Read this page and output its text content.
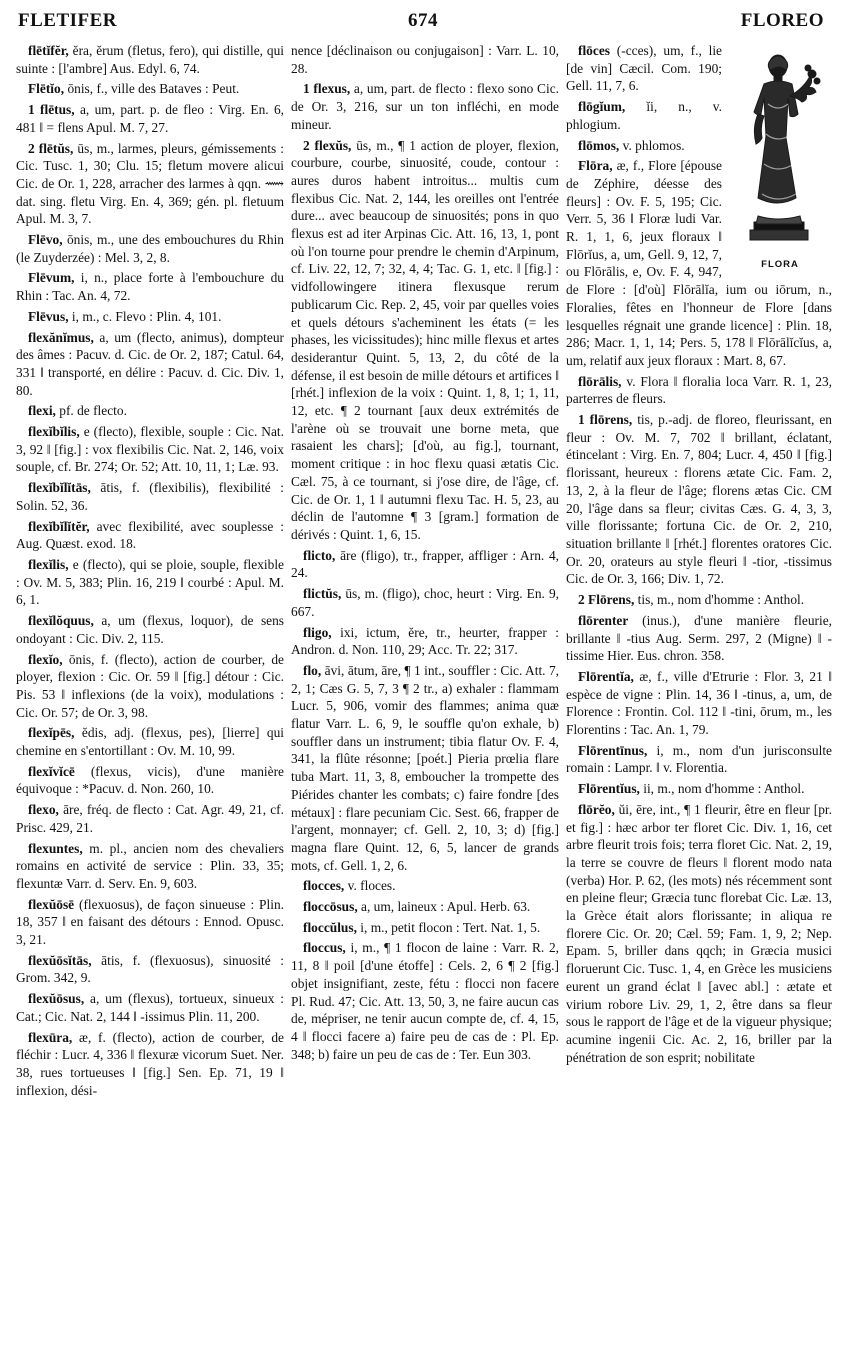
FLETIFER	674	FLOREO

flētĭfĕr, ĕra, ĕrum (fletus, fero), qui distille, qui suinte : [l'ambre] Aus. Edyl. 6, 74.

Flētĭo, ōnis, f., ville des Bataves : Peut.

1 flētus, a, um, part. p. de fleo : Virg. En. 6, 481 ‖ = flens Apul. M. 7, 27.

2 flētŭs, ūs, m., larmes, pleurs, gémissements : Cic. Tusc. 1, 30; Clu. 15; fletum movere alicui Cic. de Or. 1, 228, arracher des larmes à qqn. ⟿ dat. sing. fletu Virg. En. 4, 369; gén. pl. fletuum Apul. M. 3, 7.

Flēvo, ōnis, m., une des embouchures du Rhin (le Zuyderzée) : Mel. 3, 2, 8.

Flēvum, i, n., place forte à l'embouchure du Rhin : Tac. An. 4, 72.

Flēvus, i, m., c. Flevo : Plin. 4, 101.

flexănĭmus, a, um (flecto, animus), dompteur des âmes : Pacuv. d. Cic. de Or. 2, 187; Catul. 64, 331 ‖ transporté, en délire : Pacuv. d. Cic. Div. 1, 80.

flexi, pf. de flecto.

flexĭbĭlis, e (flecto), flexible, souple : Cic. Nat. 3, 92 ‖ [fig.] : vox flexibilis Cic. Nat. 2, 146, voix souple, cf. Br. 274; Or. 52; Att. 10, 11, 1; Læ. 93.

flexĭbĭlĭtās, ātis, f. (flexibilis), flexibilité : Solin. 52, 36.

flexĭbĭlĭtĕr, avec flexibilité, avec souplesse : Aug. Quæst. exod. 18.

flexĭlis, e (flecto), qui se ploie, souple, flexible : Ov. M. 5, 383; Plin. 16, 219 ‖ courbé : Apul. M. 6, 1.

flexĭlŏquus, a, um (flexus, loquor), de sens ondoyant : Cic. Div. 2, 115.

flexĭo, ōnis, f. (flecto), action de courber, de ployer, flexion : Cic. Or. 59 ‖ [fig.] détour : Cic. Pis. 53 ‖ inflexions (de la voix), modulations : Cic. Or. 57; de Or. 3, 98.

flexĭpēs, ĕdis, adj. (flexus, pes), [lierre] qui chemine en s'entortillant : Ov. M. 10, 99.

flexĭvĭcē (flexus, vicis), d'une manière équivoque : *Pacuv. d. Non. 260, 10.

flexo, āre, fréq. de flecto : Cat. Agr. 49, 21, cf. Prisc. 429, 21.

flexuntes, m. pl., ancien nom des chevaliers romains en activité de service : Plin. 33, 35; flexuntæ Varr. d. Serv. En. 9, 603.

flexŭōsē (flexuosus), de façon sinueuse : Plin. 18, 357 ‖ en faisant des détours : Ennod. Opusc. 3, 21.

flexŭōsĭtās, ātis, f. (flexuosus), sinuosité : Grom. 342, 9.

flexŭōsus, a, um (flexus), tortueux, sinueux : Cat.; Cic. Nat. 2, 144 ‖ -issimus Plin. 11, 200.

flexūra, æ, f. (flecto), action de courber, de fléchir : Lucr. 4, 336 ‖ flexuræ vicorum Suet. Ner. 38, rues tortueuses ‖ [fig.] Sen. Ep. 71, 19 ‖ inflexion, dési-

nence [déclinaison ou conjugaison] : Varr. L. 10, 28.

1 flexus, a, um, part. de flecto : flexo sono Cic. de Or. 3, 216, sur un ton infléchi, en mode mineur.

2 flexŭs, ūs, m., ¶ 1 action de ployer, flexion, courbure, courbe, sinuosité, coude, contour : aures duros habent introitus... multis cum flexibus Cic. Nat. 2, 144, les oreilles ont l'entrée dure... avec beaucoup de sinuosités; pons in quo flexus est ad iter Arpinas Cic. Att. 16, 13, 1, pont où l'on tourne pour prendre le chemin d'Arpinum, cf. Liv. 22, 12, 7; 32, 4, 4; Tac. G. 1, etc. ‖ [fig.] : vidfollowingere itinera flexusque rerum publicarum Cic. Rep. 2, 45, voir par quelles voies et quels détours s'acheminent les états (= les phases, les vicissitudes); hinc mille flexus et artes desiderantur Quint. 5, 13, 2, du côté de la défense, il est besoin de mille détours et artifices ‖ [rhét.] inflexion de la voix : Quint. 1, 8, 1; 1, 11, 12, etc. ¶ 2 tournant [aux deux extrémités de l'arène où se trouvait une borne meta, que rasaient les chars]; [d'où, au fig.], tournant, moment critique : in hoc flexu quasi ætatis Cic. Cæl. 75, à ce tournant, si j'ose dire, de l'âge, cf. Cic. de Or. 1, 1 ‖ autumni flexu Tac. H. 5, 23, au déclin de l'automne ¶ 3 [gram.] formation de dérivés : Quint. 1, 6, 15.

flicto, āre (fligo), tr., frapper, affliger : Arn. 4, 24.

flictŭs, ūs, m. (fligo), choc, heurt : Virg. En. 9, 667.

fligo, ixi, ictum, ĕre, tr., heurter, frapper : Andron. d. Non. 110, 29; Acc. Tr. 22; 317.

flo, āvi, ātum, āre, ¶ 1 int., souffler : Cic. Att. 7, 2, 1; Cæs G. 5, 7, 3 ¶ 2 tr., a) exhaler : flammam Lucr. 5, 906, vomir des flammes; anima quæ flatur Varr. L. 6, 9, le souffle qu'on exhale, b) souffler dans un instrument; tibia flatur Ov. F. 4, 341, la flûte résonne; [poét.] Pieria prœlia flare tuba Mart. 11, 3, 8, emboucher la trompette des Piérides chanter les combats; c) faire fondre [des métaux] : flare pecuniam Cic. Sest. 66, frapper de l'argent, monnayer; cf. Gell. 2, 10, 3; d) [fig.] magna flare Quint. 12, 6, 5, lancer de grands mots, cf. Gell. 1, 2, 6.

flocces, v. floces.

floccōsus, a, um, laineux : Apul. Herb. 63.

floccŭlus, i, m., petit flocon : Tert. Nat. 1, 5.

floccus, i, m., ¶ 1 flocon de laine : Varr. R. 2, 11, 8 ‖ poil [d'une étoffe] : Cels. 2, 6 ¶ 2 [fig.] objet insignifiant, zeste, fétu : flocci non facere Pl. Rud. 47; Cic. Att. 13, 50, 3, ne faire aucun cas de, mépriser, ne tenir aucun compte de, cf. 4, 15, 4 ‖ flocci facere a) faire peu de cas de : Pl. Ep. 348; b) faire un peu de cas de : Ter. Eun 303.

FLORA

flōces (-cces), um, f., lie [de vin] Cæcil. Com. 190; Gell. 11, 7, 6.

flōgĭum, ĭi, n., v. phlogium.

flōmos, v. phlomos.

Flōra, æ, f., Flore [épouse de Zéphire, déesse des fleurs] : Ov. F. 5, 195; Cic. Verr. 5, 36 ‖ Floræ ludi Var. R. 1, 1, 6, jeux floraux ‖ Flōrĭus, a, um, Gell. 9, 12, 7, ou Flōrālis, e, Ov. F. 4, 947, de Flore : [d'où] Flōrālĭa, ium ou iōrum, n., Floralies, fêtes en l'honneur de Flore [dans lesquelles régnait une grande licence] : Plin. 18, 286; Macr. 1, 1, 14; Pers. 5, 178 ‖ Flōrālĭcĭus, a, um, relatif aux jeux floraux : Mart. 8, 67.

flōrālis, v. Flora ‖ floralia loca Varr. R. 1, 23, parterres de fleurs.

1 flōrens, tis, p.-adj. de floreo, fleurissant, en fleur : Ov. M. 7, 702 ‖ brillant, éclatant, étincelant : Virg. En. 7, 804; Lucr. 4, 450 ‖ [fig.] florissant, heureux : florens ætate Cic. Fam. 2, 13, 2, à la fleur de l'âge; florens ætas Cic. CM 20, l'âge dans sa fleur; civitas Cæs. G. 4, 3, 3, ville florissante; fortuna Cic. de Or. 2, 210, situation brillante ‖ [rhét.] florentes oratores Cic. Or. 20, orateurs au style fleuri ‖ -tior, -tissimus Cic. de Or. 3, 166; Div. 1, 72.

2 Flōrens, tis, m., nom d'homme : Anthol.

flōrenter (inus.), d'une manière fleurie, brillante ‖ -tius Aug. Serm. 297, 2 (Migne) ‖ -tissime Hier. Eus. chron. 358.

Flōrentĭa, æ, f., ville d'Etrurie : Flor. 3, 21 ‖ espèce de vigne : Plin. 14, 36 ‖ -tinus, a, um, de Florence : Frontin. Col. 112 ‖ -tini, ōrum, m., les Florentins : Tac. An. 1, 79.

Flōrentīnus, i, m., nom d'un jurisconsulte romain : Lampr. ‖ v. Florentia.

Flōrentĭus, ii, m., nom d'homme : Anthol.

flōrĕo, ŭi, ēre, int., ¶ 1 fleurir, être en fleur [pr. et fig.] : hæc arbor ter floret Cic. Div. 1, 16, cet arbre fleurit trois fois; terra floret Cic. Nat. 2, 19, la terre se couvre de fleurs ‖ florent modo nata (verba) Hor. P. 62, (les mots) nés récemment sont en pleine fleur; Græcia tunc florebat Cic. Læ. 13, la Grèce était alors florissante; in aliqua re florere Cic. Or. 20; Cæl. 59; Fam. 1, 9, 2; Nep. Epam. 5, briller dans qqch; in Græcia musici floruerunt Cic. Tusc. 1, 4, en Grèce les musiciens eurent un grand éclat ‖ [avec abl.] : ætate et virium robore Liv. 29, 1, 2, être dans sa fleur sous le rapport de l'âge et de la vigueur physique; acumine ingenii Cic. Ac. 2, 16, briller par la pénétration de son esprit; nobilitate
